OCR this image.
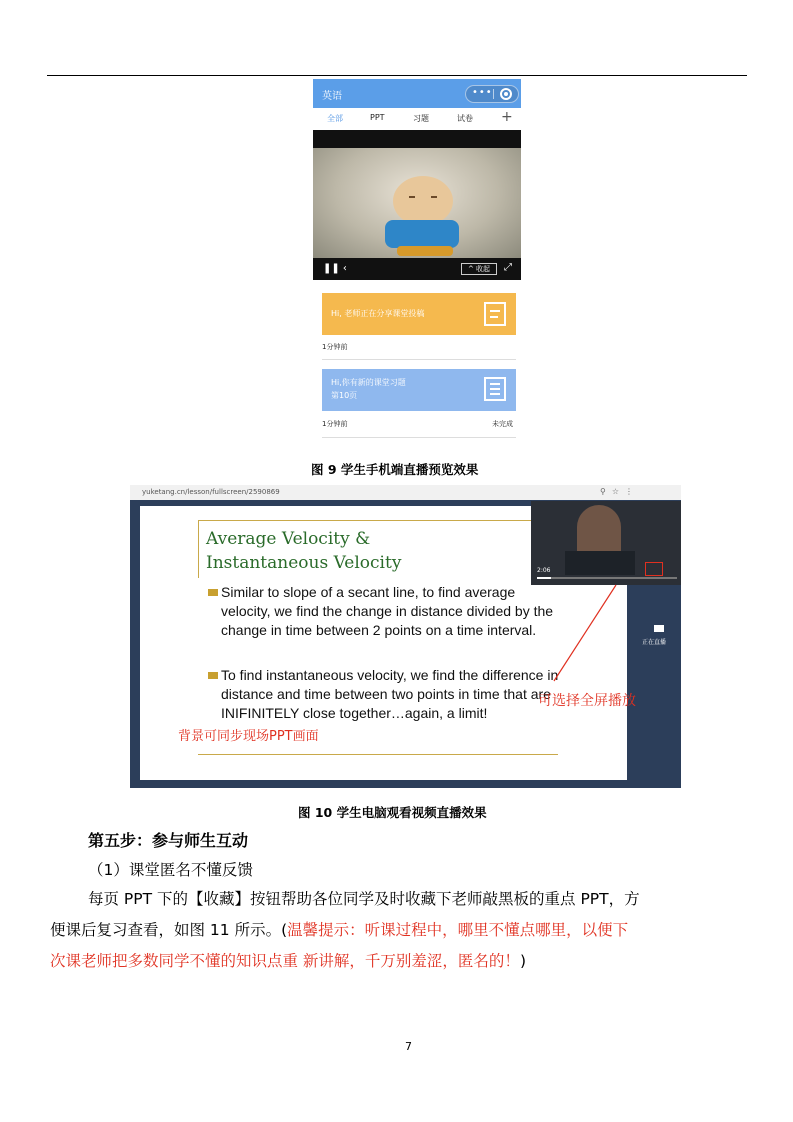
英语	•••
全部	PPT	习题	试卷 +
❚❚ ‹	^ 收起	⤢
Hi, 老师正在分享课堂投稿
1分钟前
Hi,你有新的课堂习题
第10页
1分钟前	未完成
图 9 学生手机端直播预览效果
yuketang.cn/lesson/fullscreen/2590869	⚲☆⋮
Average Velocity & Instantaneous Velocity
Similar to slope of a secant line, to find average velocity, we find the change in distance divided by the change in time between 2 points on a time interval.
To find instantaneous velocity, we find the difference in distance and time between two points in time that are INIFINITELY close together…again, a limit!
背景可同步现场PPT画面
2:06
正在直播
可选择全屏播放
图 10 学生电脑观看视频直播效果
第五步：参与师生互动
（1）课堂匿名不懂反馈
每页 PPT 下的【收藏】按钮帮助各位同学及时收藏下老师敲黑板的重点 PPT，方
便课后复习查看，如图 11 所示。(温馨提示：听课过程中，哪里不懂点哪里，以便下
次课老师把多数同学不懂的知识点重 新讲解，千万别羞涩，匿名的！)
7
